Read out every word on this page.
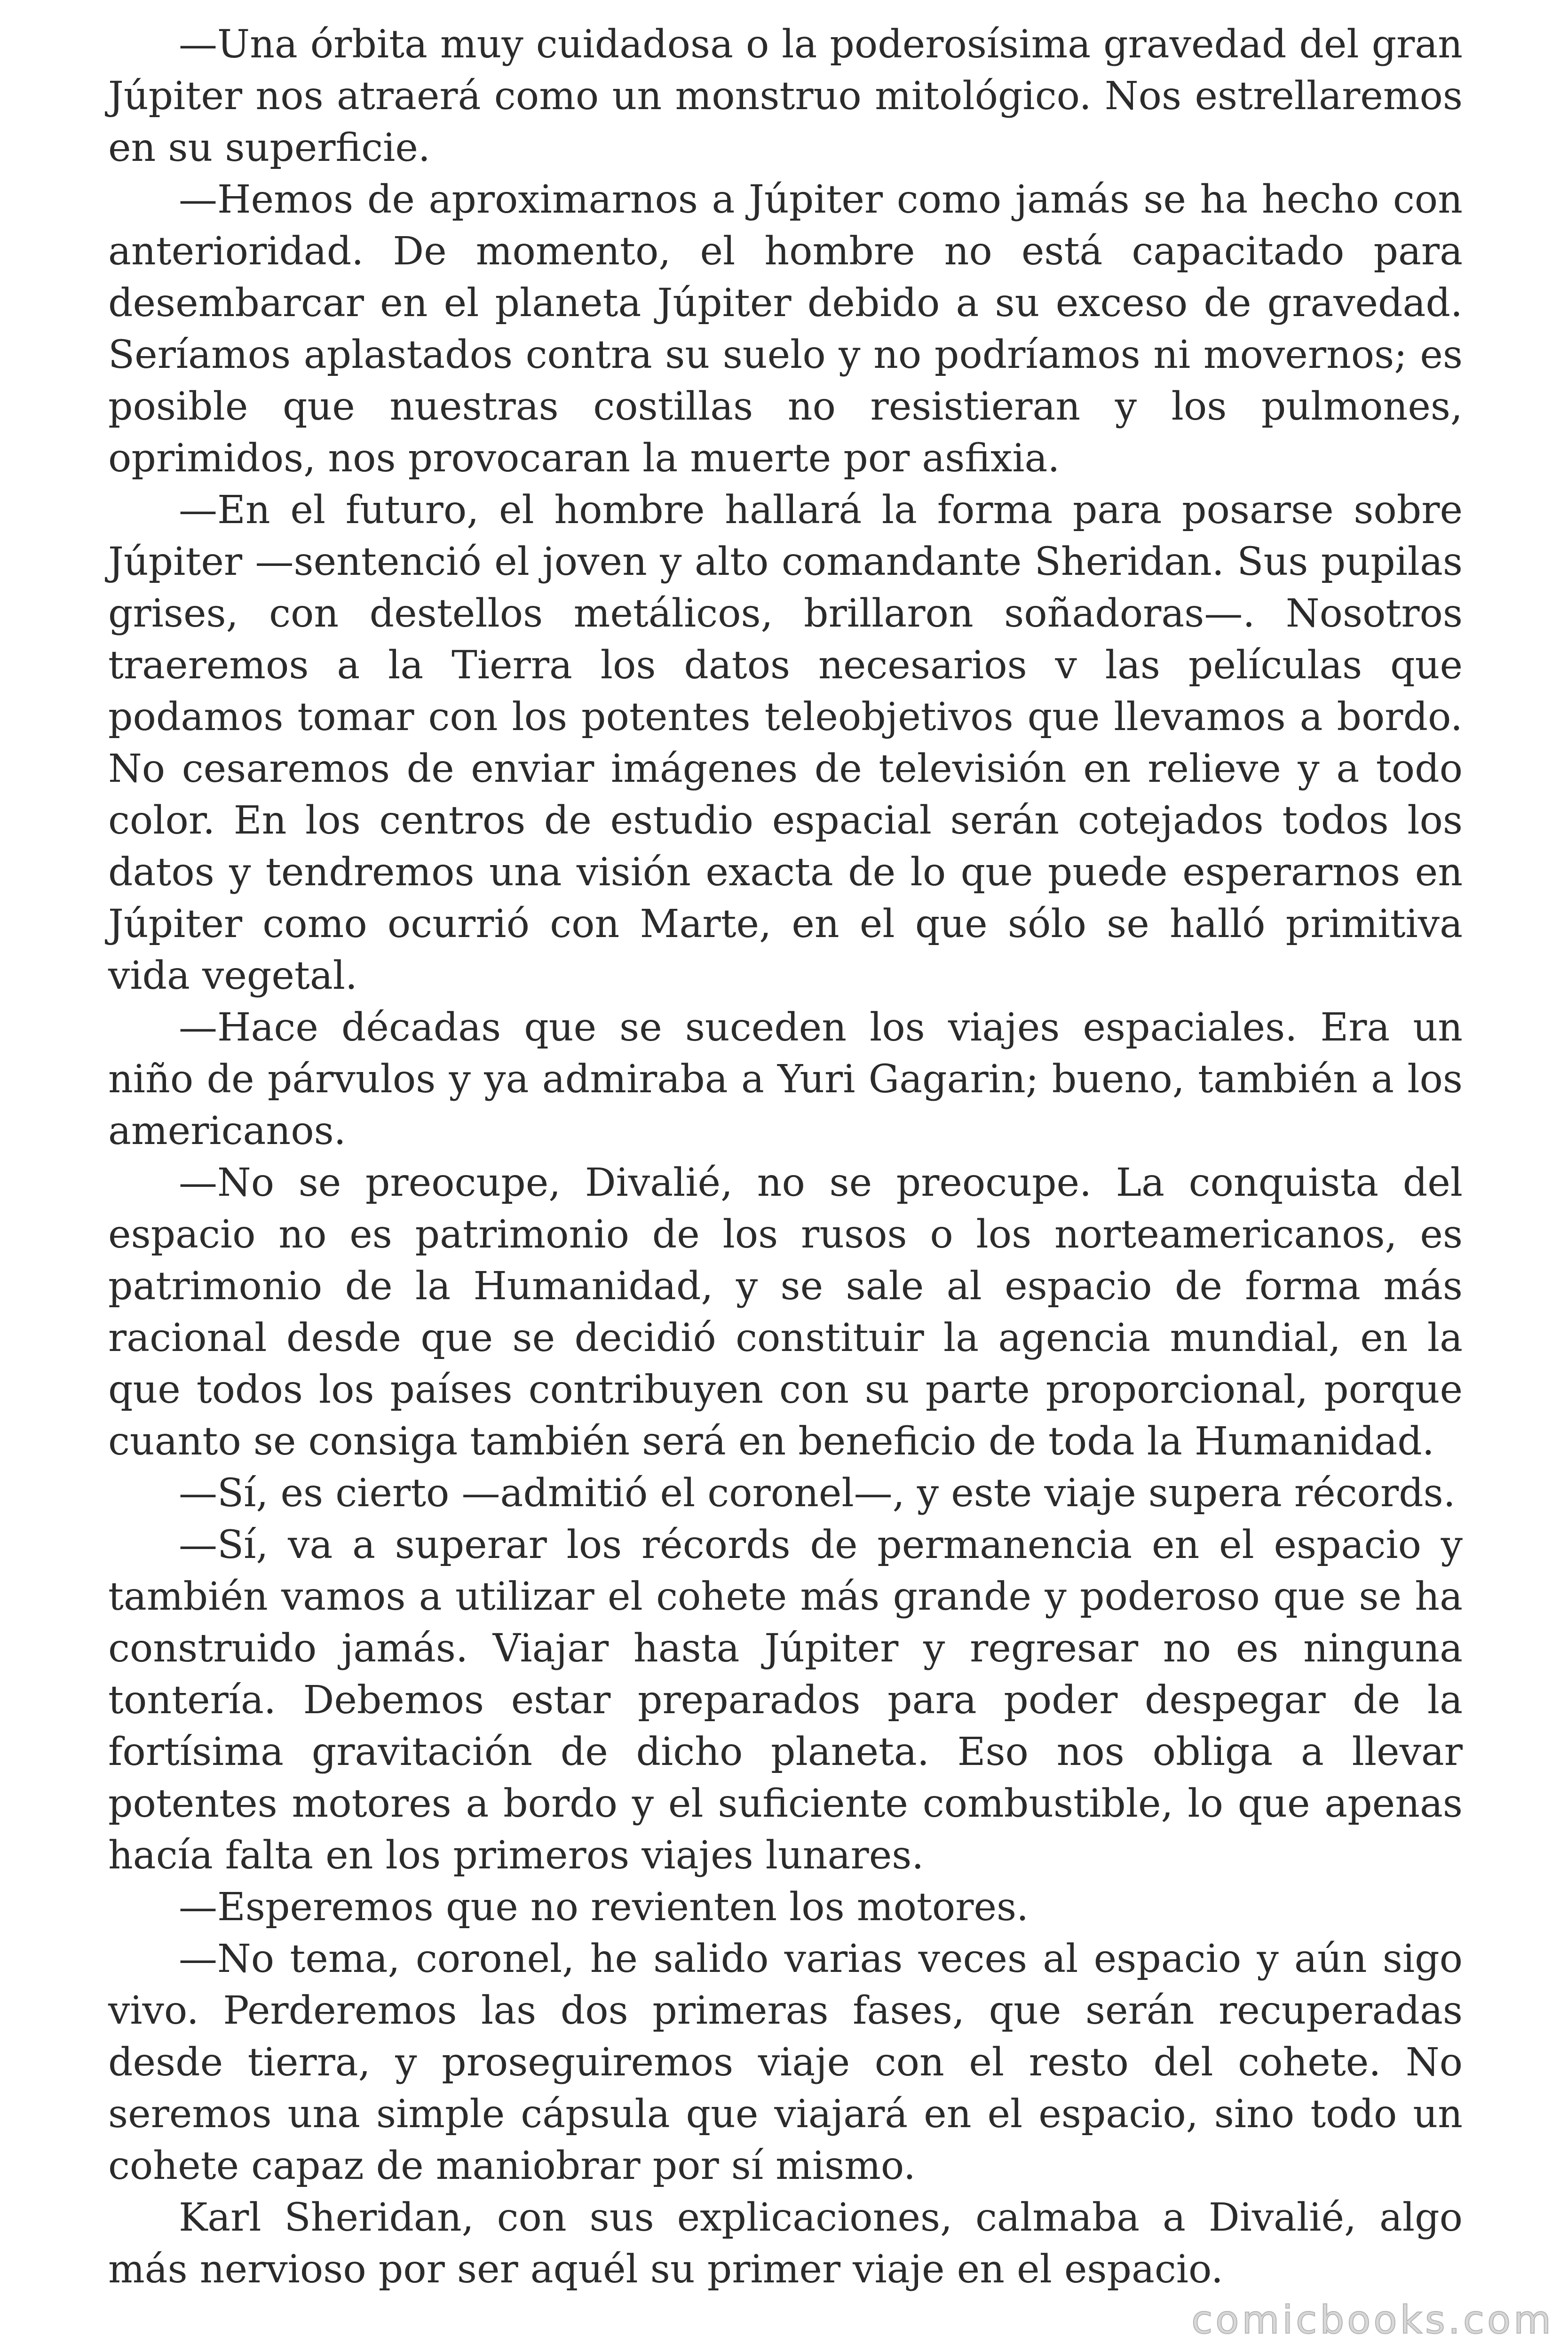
—Una órbita muy cuidadosa o la poderosísima gravedad del gran Júpiter nos atraerá como un monstruo mitológico. Nos estrellaremos en su superficie.

—Hemos de aproximarnos a Júpiter como jamás se ha hecho con anterioridad. De momento, el hombre no está capacitado para desembarcar en el planeta Júpiter debido a su exceso de gravedad. Seríamos aplastados contra su suelo y no podríamos ni movernos; es posible que nuestras costillas no resistieran y los pulmones, oprimidos, nos provocaran la muerte por asfixia.

—En el futuro, el hombre hallará la forma para posarse sobre Júpiter —sentenció el joven y alto comandante Sheridan. Sus pupilas grises, con destellos metálicos, brillaron soñadoras—. Nosotros traeremos a la Tierra los datos necesarios v las películas que podamos tomar con los potentes teleobjetivos que llevamos a bordo. No cesaremos de enviar imágenes de televisión en relieve y a todo color. En los centros de estudio espacial serán cotejados todos los datos y tendremos una visión exacta de lo que puede esperarnos en Júpiter como ocurrió con Marte, en el que sólo se halló primitiva vida vegetal.

—Hace décadas que se suceden los viajes espaciales. Era un niño de párvulos y ya admiraba a Yuri Gagarin; bueno, también a los americanos.

—No se preocupe, Divalié, no se preocupe. La conquista del espacio no es patrimonio de los rusos o los norteamericanos, es patrimonio de la Humanidad, y se sale al espacio de forma más racional desde que se decidió constituir la agencia mundial, en la que todos los países contribuyen con su parte proporcional, porque cuanto se consiga también será en beneficio de toda la Humanidad.

—Sí, es cierto —admitió el coronel—, y este viaje supera récords.

—Sí, va a superar los récords de permanencia en el espacio y también vamos a utilizar el cohete más grande y poderoso que se ha construido jamás. Viajar hasta Júpiter y regresar no es ninguna tontería. Debemos estar preparados para poder despegar de la fortísima gravitación de dicho planeta. Eso nos obliga a llevar potentes motores a bordo y el suficiente combustible, lo que apenas hacía falta en los primeros viajes lunares.

—Esperemos que no revienten los motores.

—No tema, coronel, he salido varias veces al espacio y aún sigo vivo. Perderemos las dos primeras fases, que serán recuperadas desde tierra, y proseguiremos viaje con el resto del cohete. No seremos una simple cápsula que viajará en el espacio, sino todo un cohete capaz de maniobrar por sí mismo.

Karl Sheridan, con sus explicaciones, calmaba a Divalié, algo más nervioso por ser aquél su primer viaje en el espacio.

comicbooks.com
